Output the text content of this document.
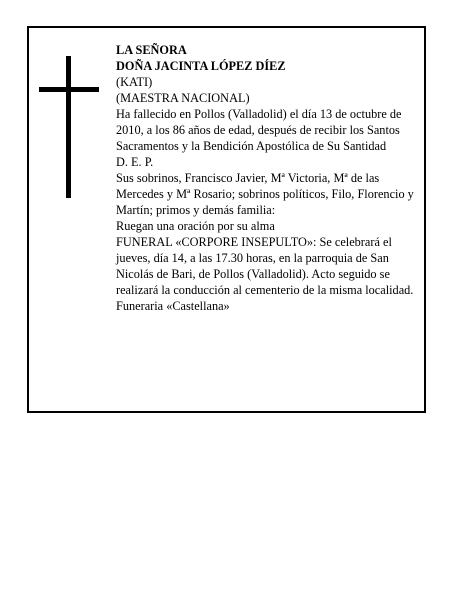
LA SEÑORA

DOÑA JACINTA LÓPEZ DÍEZ

(KATI)

(MAESTRA NACIONAL)

Ha fallecido en Pollos (Valladolid) el día 13 de octubre de 2010, a los 86 años de edad, después de recibir los Santos Sacramentos y la Bendición Apostólica de Su Santidad

D. E. P.

Sus sobrinos, Francisco Javier, Mª Victoria, Mª de las Mercedes y Mª Rosario; sobrinos políticos, Filo, Florencio y Martín; primos y demás familia:

Ruegan una oración por su alma

FUNERAL «CORPORE INSEPULTO»: Se celebrará el jueves, día 14, a las 17.30 horas, en la parroquia de San Nicolás de Bari, de Pollos (Valladolid). Acto seguido se realizará la conducción al cementerio de la misma localidad.

Funeraria «Castellana»
